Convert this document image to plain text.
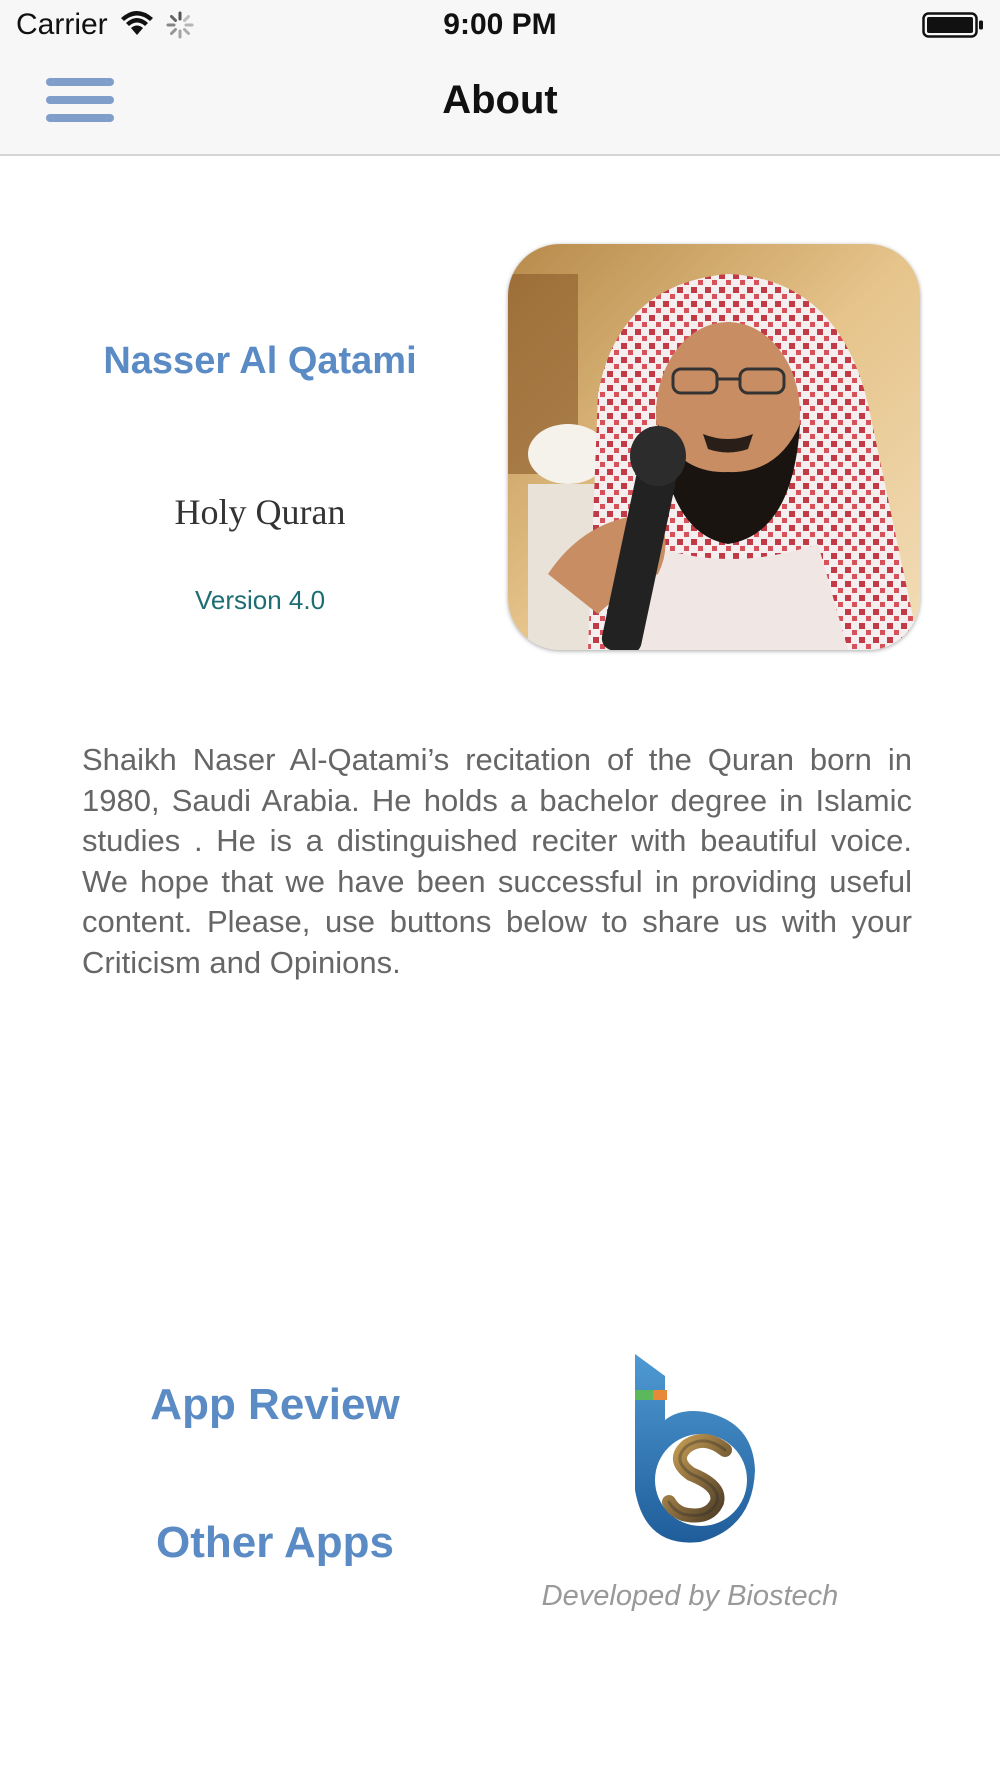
Carrier	9:00 PM
About
Nasser Al Qatami
Holy Quran
Version 4.0
Shaikh Naser Al-Qatami’s recitation of the Quran born in 1980, Saudi Arabia. He holds a bachelor degree in Islamic studies . He is a distinguished reciter with beautiful voice. We hope that we have been successful in providing useful content. Please, use buttons below to share us with your Criticism and Opinions.
App Review
Other Apps
Developed by Biostech
